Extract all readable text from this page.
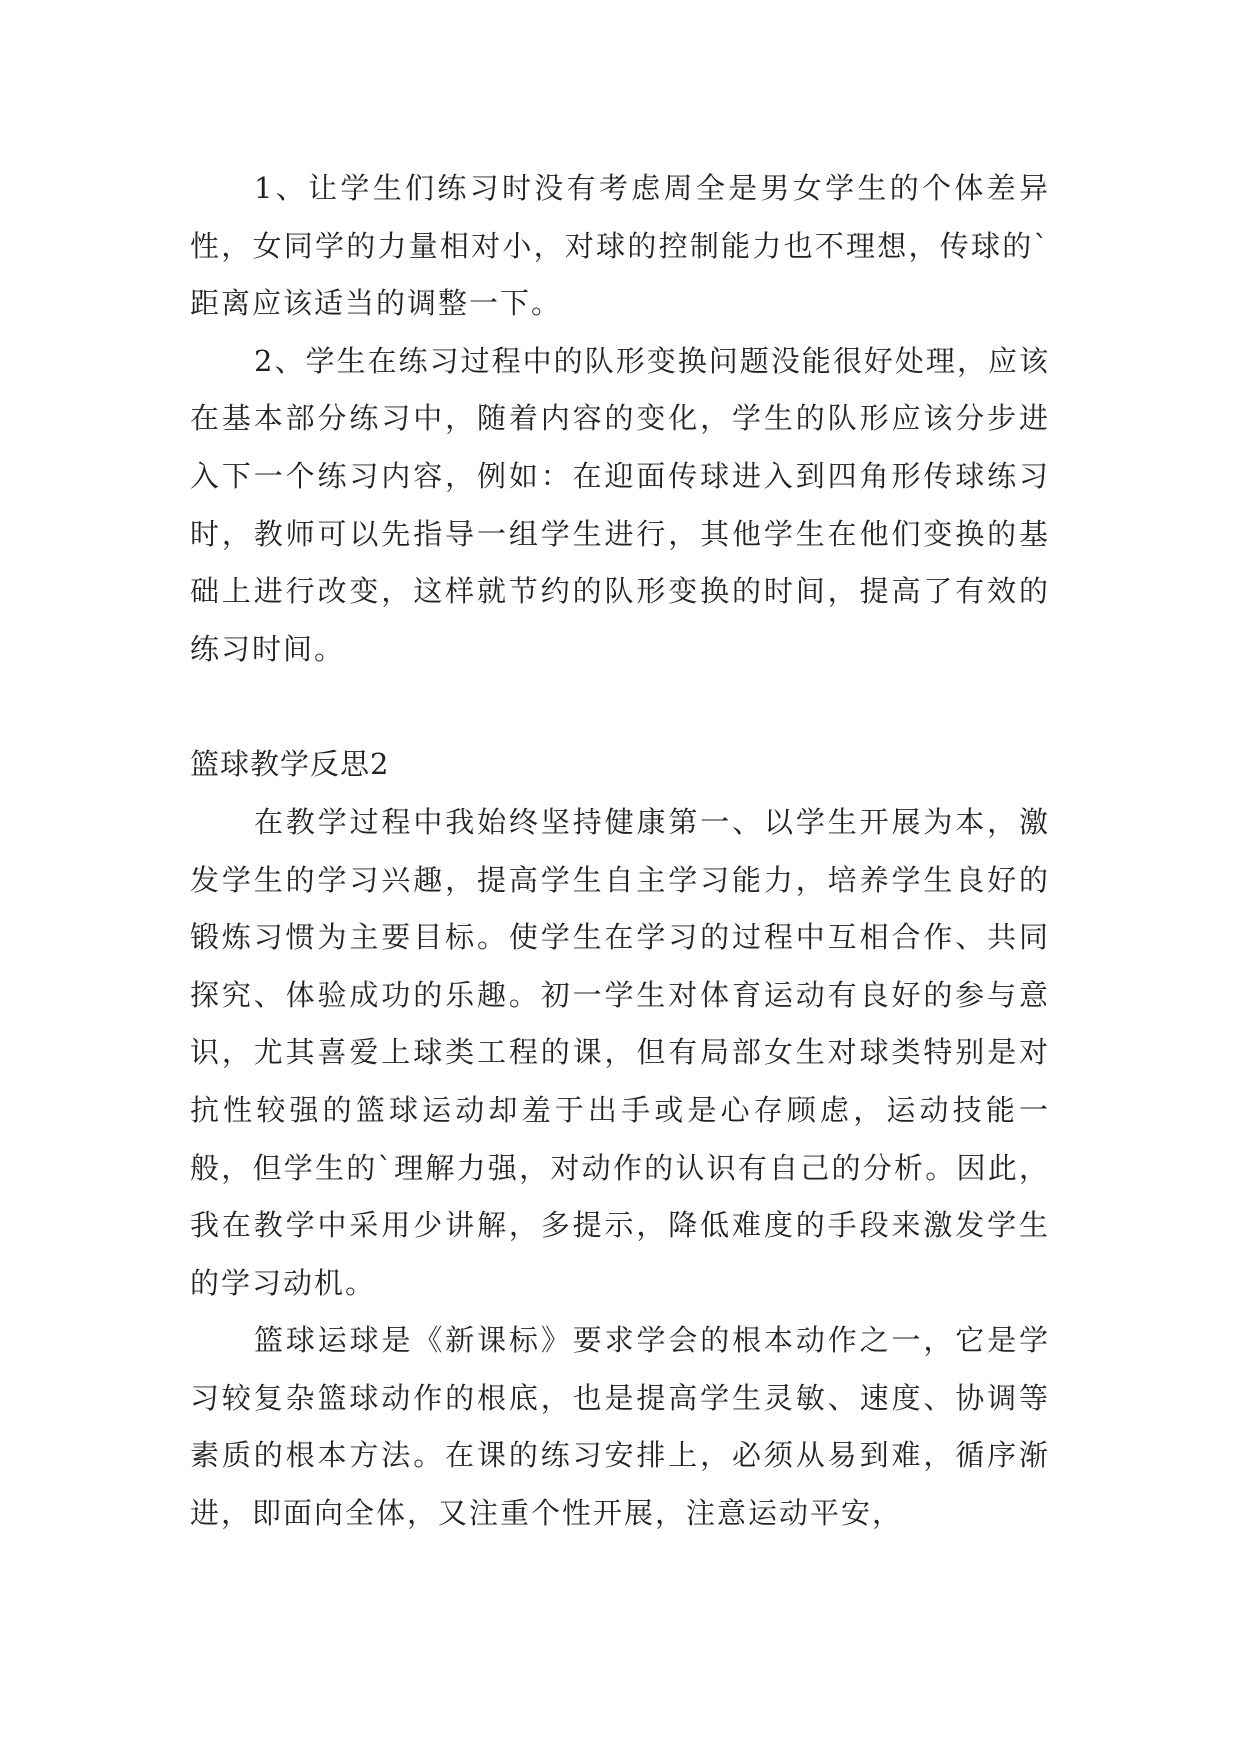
1、让学生们练习时没有考虑周全是男女学生的个体差异性，女同学的力量相对小，对球的控制能力也不理想，传球的`距离应该适当的调整一下。

2、学生在练习过程中的队形变换问题没能很好处理，应该在基本部分练习中，随着内容的变化，学生的队形应该分步进入下一个练习内容，例如：在迎面传球进入到四角形传球练习时，教师可以先指导一组学生进行，其他学生在他们变换的基础上进行改变，这样就节约的队形变换的时间，提高了有效的练习时间。

篮球教学反思2

在教学过程中我始终坚持健康第一、以学生开展为本，激发学生的学习兴趣，提高学生自主学习能力，培养学生良好的锻炼习惯为主要目标。使学生在学习的过程中互相合作、共同探究、体验成功的乐趣。初一学生对体育运动有良好的参与意识，尤其喜爱上球类工程的课，但有局部女生对球类特别是对抗性较强的篮球运动却羞于出手或是心存顾虑，运动技能一般，但学生的`理解力强，对动作的认识有自己的分析。因此，我在教学中采用少讲解，多提示，降低难度的手段来激发学生的学习动机。

篮球运球是《新课标》要求学会的根本动作之一，它是学习较复杂篮球动作的根底，也是提高学生灵敏、速度、协调等素质的根本方法。在课的练习安排上，必须从易到难，循序渐进，即面向全体，又注重个性开展，注意运动平安，
